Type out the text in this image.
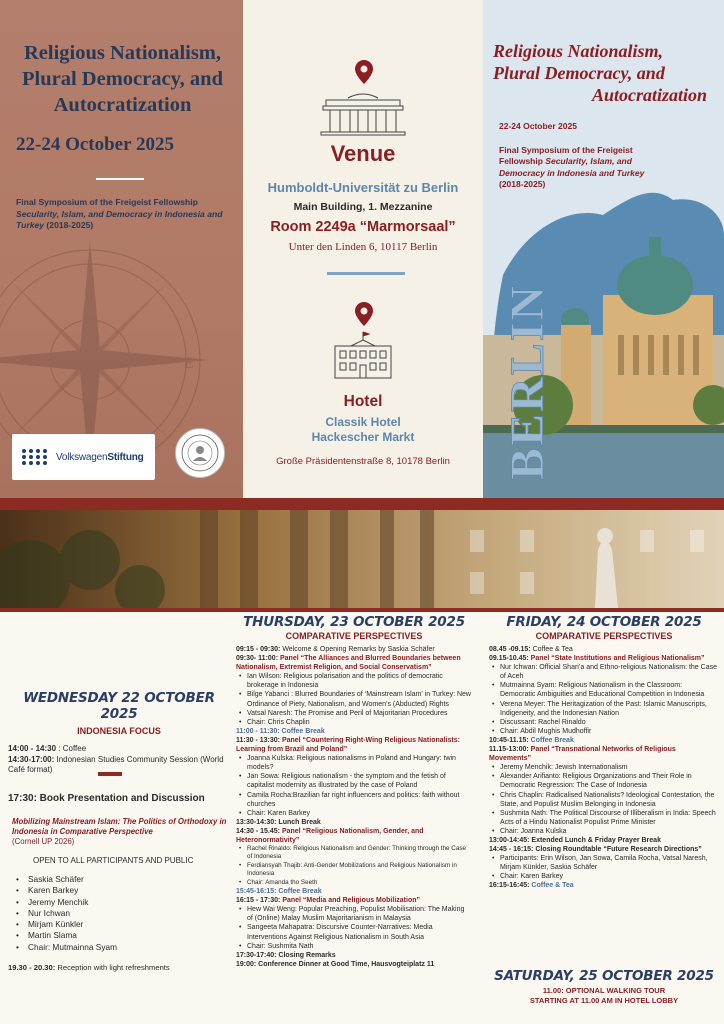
E
Religious Nationalism,
Plural Democracy, and
Autocratization
22-24 October 2025
Final Symposium of the Freigeist Fellowship Secularity, Islam, and Democracy in Indonesia and Turkey (2018-2025)
VolkswagenStiftung
Venue
Humboldt-Universität zu Berlin
Main Building, 1. Mezzanine
Room 2249a “Marmorsaal”
Unter den Linden 6, 10117 Berlin
Hotel
Classik Hotel
Hackescher Markt
Große Präsidentenstraße 8, 10178 Berlin
Religious Nationalism,
Plural Democracy, and
Autocratization
22-24 October 2025
Final Symposium of the Freigeist Fellowship Secularity, Islam, and Democracy in Indonesia and Turkey (2018-2025)
BERLIN
WEDNESDAY 22 OCTOBER 2025
INDONESIA FOCUS
14:00 - 14:30 : Coffee
14:30-17:00: Indonesian Studies Community Session (World Café format)
17:30: Book Presentation and Discussion
Mobilizing Mainstream Islam: The Politics of Orthodoxy in Indonesia in Comparative Perspective
(Cornell UP 2026)
OPEN TO ALL PARTICIPANTS AND PUBLIC
• Saskia Schäfer
• Karen Barkey
• Jeremy Menchik
• Nur Ichwan
• Mirjam Künkler
• Martin Slama
• Chair: Mutmainna Syam
19.30 - 20.30: Reception with light refreshments
THURSDAY, 23 OCTOBER 2025
COMPARATIVE PERSPECTIVES
09:15 - 09:30: Welcome & Opening Remarks by Saskia Schäfer
09:30- 11:00: Panel “The Alliances and Blurred Boundaries between Nationalism, Extremist Religion, and Social Conservatism”
• Ian Wilson: Religious polarisation and the politics of democratic brokerage in Indonesia
• Bilge Yabanci : Blurred Boundaries of ‘Mainstream Islam’ in Turkey: New Ordinance of Piety, Nationalism, and Women’s (Abducted) Rights
• Vatsal Naresh: The Promise and Peril of Majoritarian Procedures
• Chair: Chris Chaplin
11:00 - 11:30: Coffee Break
11:30 - 13:30: Panel “Countering Right-Wing Religious Nationalists: Learning from Brazil and Poland”
• Joanna Kulska: Religious nationalisms in Poland and Hungary: twin models?
• Jan Sowa: Religious nationalism - the symptom and the fetish of capitalist modernity as illustrated by the case of Poland
• Camila Rocha:Brazilian far right influencers and politics: faith without churches
• Chair: Karen Barkey
13:30-14:30: Lunch Break
14:30 - 15.45: Panel “Religious Nationalism, Gender, and Heteronormativity”
• Rachel Rinaldo: Religious Nationalism and Gender: Thinking through the Case of Indonesia
• Ferdiansyah Thajib: Anti-Gender Mobilizations and Religious Nationalism in Indonesia
• Chair: Amanda tho Seeth
15:45-16:15: Coffee Break
16:15 - 17:30: Panel “Media and Religious Mobilization”
• Hew Wai Weng: Popular Preaching, Populist Mobilisation: The Making of (Online) Malay Muslim Majoritarianism in Malaysia
• Sangeeta Mahapatra: Discursive Counter-Narratives: Media Interventions Against Religious Nationalism in South Asia
• Chair: Sushmita Nath
17:30-17:40: Closing Remarks
19:00: Conference Dinner at Good Time, Hausvogteiplatz 11
FRIDAY, 24 OCTOBER 2025
COMPARATIVE PERSPECTIVES
08.45 -09.15: Coffee & Tea
09.15-10.45: Panel “State Institutions and Religious Nationalism”
• Nur Ichwan: Official Shari’a and Ethno-religious Nationalism: the Case of Aceh
• Mutmainna Syam: Religious Nationalism in the Classroom: Democratic Ambiguities and Educational Competition in Indonesia
• Verena Meyer: The Heritagization of the Past: Islamic Manuscripts, Indigeneity, and the Indonesian Nation
• Discussant: Rachel Rinaldo
• Chair: Abdil Mughis Mudhoffir
10:45-11.15: Coffee Break
11.15-13:00: Panel “Transnational Networks of Religious Movements”
• Jeremy Menchik: Jewish Internationalism
• Alexander Arifianto: Religious Organizations and Their Role in Democratic Regression: The Case of Indonesia
• Chris Chaplin: Radicalised Nationalists? Ideological Contestation, the State, and Populist Muslim Belonging in Indonesia
• Sushmita Nath: The Political Discourse of Illiberalism in India: Speech Acts of a Hindu Nationalist Populist Prime Minister
• Chair: Joanna Kulska
13:00-14:45: Extended Lunch & Friday Prayer Break
14:45 - 16:15: Closing Roundtable “Future Research Directions”
• Participants: Erin Wilson, Jan Sowa, Camila Rocha, Vatsal Naresh, Mirjam Künkler, Saskia Schäfer
• Chair: Karen Barkey
16:15-16:45: Coffee & Tea
SATURDAY, 25 OCTOBER 2025
11.00: OPTIONAL WALKING TOUR
STARTING AT 11.00 AM IN HOTEL LOBBY
